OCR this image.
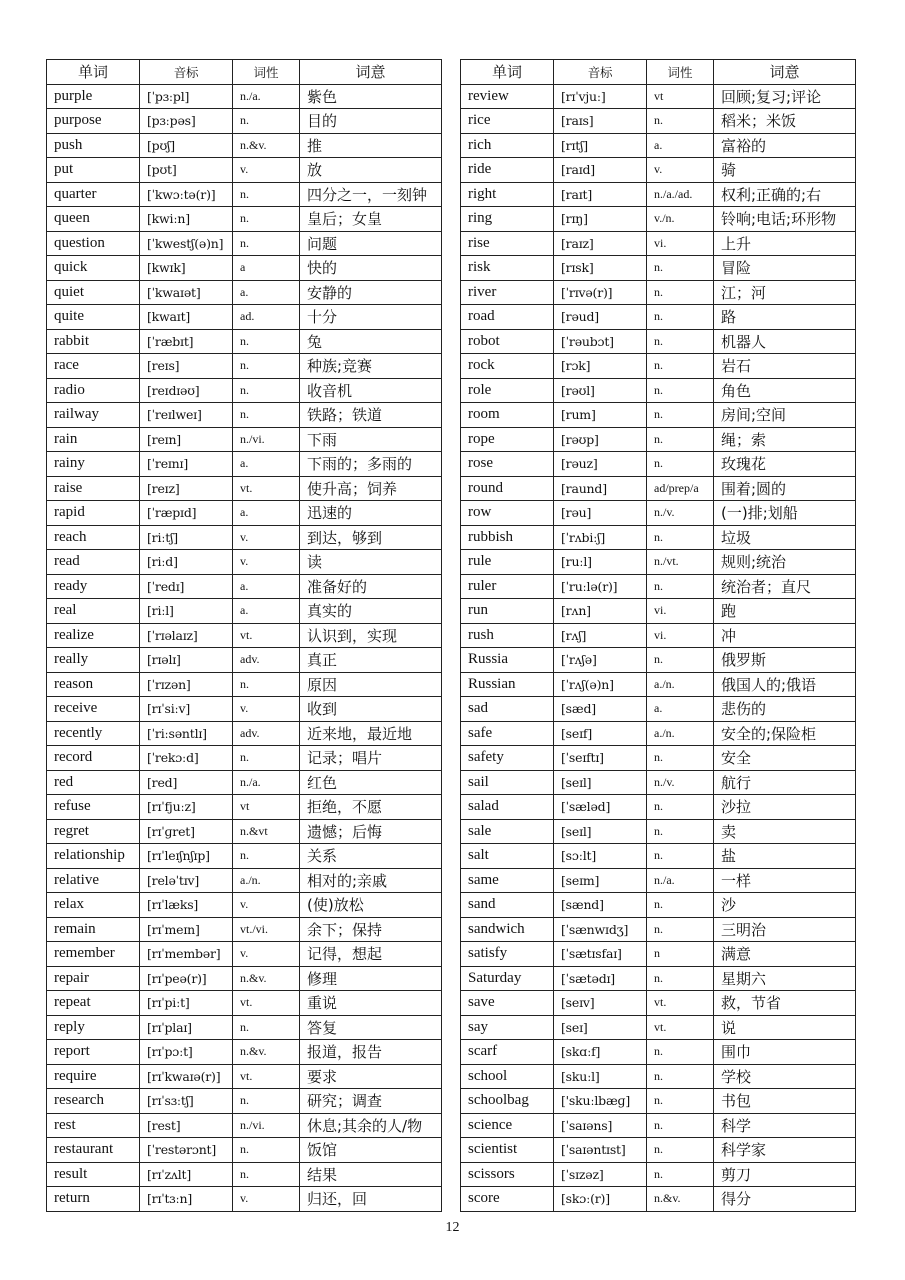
单词	音标	词性	词意
purple	[ˈpɜːpl]	n./a.	紫色
purpose	[pɜːpəs]	n.	目的
push	[pʊʃ]	n.&v.	推
put	[pʊt]	v.	放
quarter	[ˈkwɔːtə(r)]	n.	四分之一，一刻钟
queen	[kwiːn]	n.	皇后；女皇
question	[ˈkwestʃ(ə)n]	n.	问题
quick	[kwɪk]	a	快的
quiet	[ˈkwaɪət]	a.	安静的
quite	[kwaɪt]	ad.	十分
rabbit	[ˈræbɪt]	n.	兔
race	[reɪs]	n.	种族;竞赛
radio	[reɪdɪəʊ]	n.	收音机
railway	[ˈreɪlweɪ]	n.	铁路；铁道
rain	[reɪn]	n./vi.	下雨
rainy	[ˈreɪnɪ]	a.	下雨的；多雨的
raise	[reɪz]	vt.	使升高；饲养
rapid	[ˈræpɪd]	a.	迅速的
reach	[riːtʃ]	v.	到达，够到
read	[riːd]	v.	读
ready	[ˈredɪ]	a.	准备好的
real	[riːl]	a.	真实的
realize	[ˈrɪəlaɪz]	vt.	认识到，实现
really	[rɪəlɪ]	adv.	真正
reason	[ˈrɪzən]	n.	原因
receive	[rɪˈsiːv]	v.	收到
recently	[ˈriːsəntlɪ]	adv.	近来地，最近地
record	[ˈrekɔːd]	n.	记录；唱片
red	[red]	n./a.	红色
refuse	[rɪˈfjuːz]	vt	拒绝，不愿
regret	[rɪˈɡret]	n.&vt	遗憾；后悔
relationship	[rɪˈleɪʃnʃɪp]	n.	关系
relative	[reləˈtɪv]	a./n.	相对的;亲戚
relax	[rɪˈlæks]	v.	(使)放松
remain	[rɪˈmeɪn]	vt./vi.	余下；保持
remember	[rɪˈmembər]	v.	记得，想起
repair	[rɪˈpeə(r)]	n.&v.	修理
repeat	[rɪˈpiːt]	vt.	重说
reply	[rɪˈplaɪ]	n.	答复
report	[rɪˈpɔːt]	n.&v.	报道，报告
require	[rɪˈkwaɪə(r)]	vt.	要求
research	[rɪˈsɜːtʃ]	n.	研究；调查
rest	[rest]	n./vi.	休息;其余的人/物
restaurant	[ˈrestərɔnt]	n.	饭馆
result	[rɪˈzʌlt]	n.	结果
return	[rɪˈtɜːn]	v.	归还，回
单词	音标	词性	词意
review	[rɪˈvjuː]	vt	回顾;复习;评论
rice	[raɪs]	n.	稻米；米饭
rich	[rɪtʃ]	a.	富裕的
ride	[raɪd]	v.	骑
right	[raɪt]	n./a./ad.	权利;正确的;右
ring	[rɪŋ]	v./n.	铃响;电话;环形物
rise	[raɪz]	vi.	上升
risk	[rɪsk]	n.	冒险
river	[ˈrɪvə(r)]	n.	江；河
road	[rəud]	n.	路
robot	[ˈrəubɔt]	n.	机器人
rock	[rɔk]	n.	岩石
role	[rəʊl]	n.	角色
room	[rum]	n.	房间;空间
rope	[rəʊp]	n.	绳；索
rose	[rəuz]	n.	玫瑰花
round	[raund]	ad/prep/a	围着;圆的
row	[rəu]	n./v.	(一)排;划船
rubbish	[ˈrʌbiːʃ]	n.	垃圾
rule	[ruːl]	n./vt.	规则;统治
ruler	[ˈruːlə(r)]	n.	统治者；直尺
run	[rʌn]	vi.	跑
rush	[rʌʃ]	vi.	冲
Russia	[ˈrʌʃə]	n.	俄罗斯
Russian	[ˈrʌʃ(ə)n]	a./n.	俄国人的;俄语
sad	[sæd]	a.	悲伤的
safe	[seɪf]	a./n.	安全的;保险柜
safety	[ˈseɪftɪ]	n.	安全
sail	[seɪl]	n./v.	航行
salad	[ˈsæləd]	n.	沙拉
sale	[seɪl]	n.	卖
salt	[sɔːlt]	n.	盐
same	[seɪm]	n./a.	一样
sand	[sænd]	n.	沙
sandwich	[ˈsænwɪdʒ]	n.	三明治
satisfy	[ˈsætɪsfaɪ]	n	满意
Saturday	[ˈsætədɪ]	n.	星期六
save	[seɪv]	vt.	救，节省
say	[seɪ]	vt.	说
scarf	[skɑːf]	n.	围巾
school	[skuːl]	n.	学校
schoolbag	['skuːlbæɡ]	n.	书包
science	[ˈsaɪəns]	n.	科学
scientist	[ˈsaɪəntɪst]	n.	科学家
scissors	[ˈsɪzəz]	n.	剪刀
score	[skɔː(r)]	n.&v.	得分
12
